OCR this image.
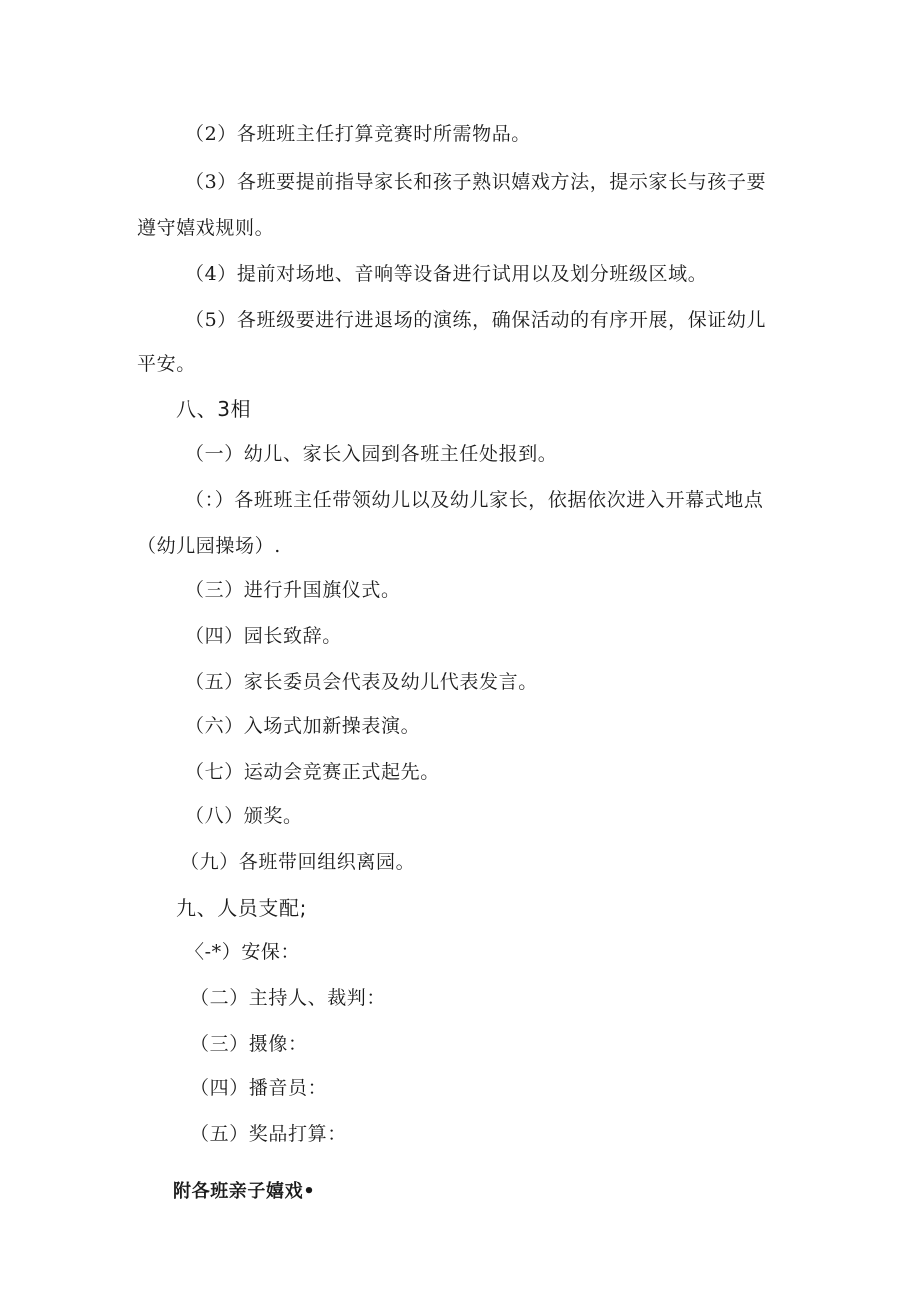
（2）各班班主任打算竞赛时所需物品。
（3）各班要提前指导家长和孩子熟识嬉戏方法，提示家长与孩子要
遵守嬉戏规则。
（4）提前对场地、音响等设备进行试用以及划分班级区域。
（5）各班级要进行进退场的演练，确保活动的有序开展，保证幼儿
平安。
八、3相
（一）幼儿、家长入园到各班主任处报到。
（：）各班班主任带领幼儿以及幼儿家长，依据依次进入开幕式地点
（幼儿园操场）.
（三）进行升国旗仪式。
（四）园长致辞。
（五）家长委员会代表及幼儿代表发言。
（六）入场式加新操表演。
（七）运动会竞赛正式起先。
（八）颁奖。
（九）各班带回组织离园。
九、人员支配;
〈-*）安保：
（二）主持人、裁判：
（三）摄像：
（四）播音员：
（五）奖品打算：
附各班亲子嬉戏•
